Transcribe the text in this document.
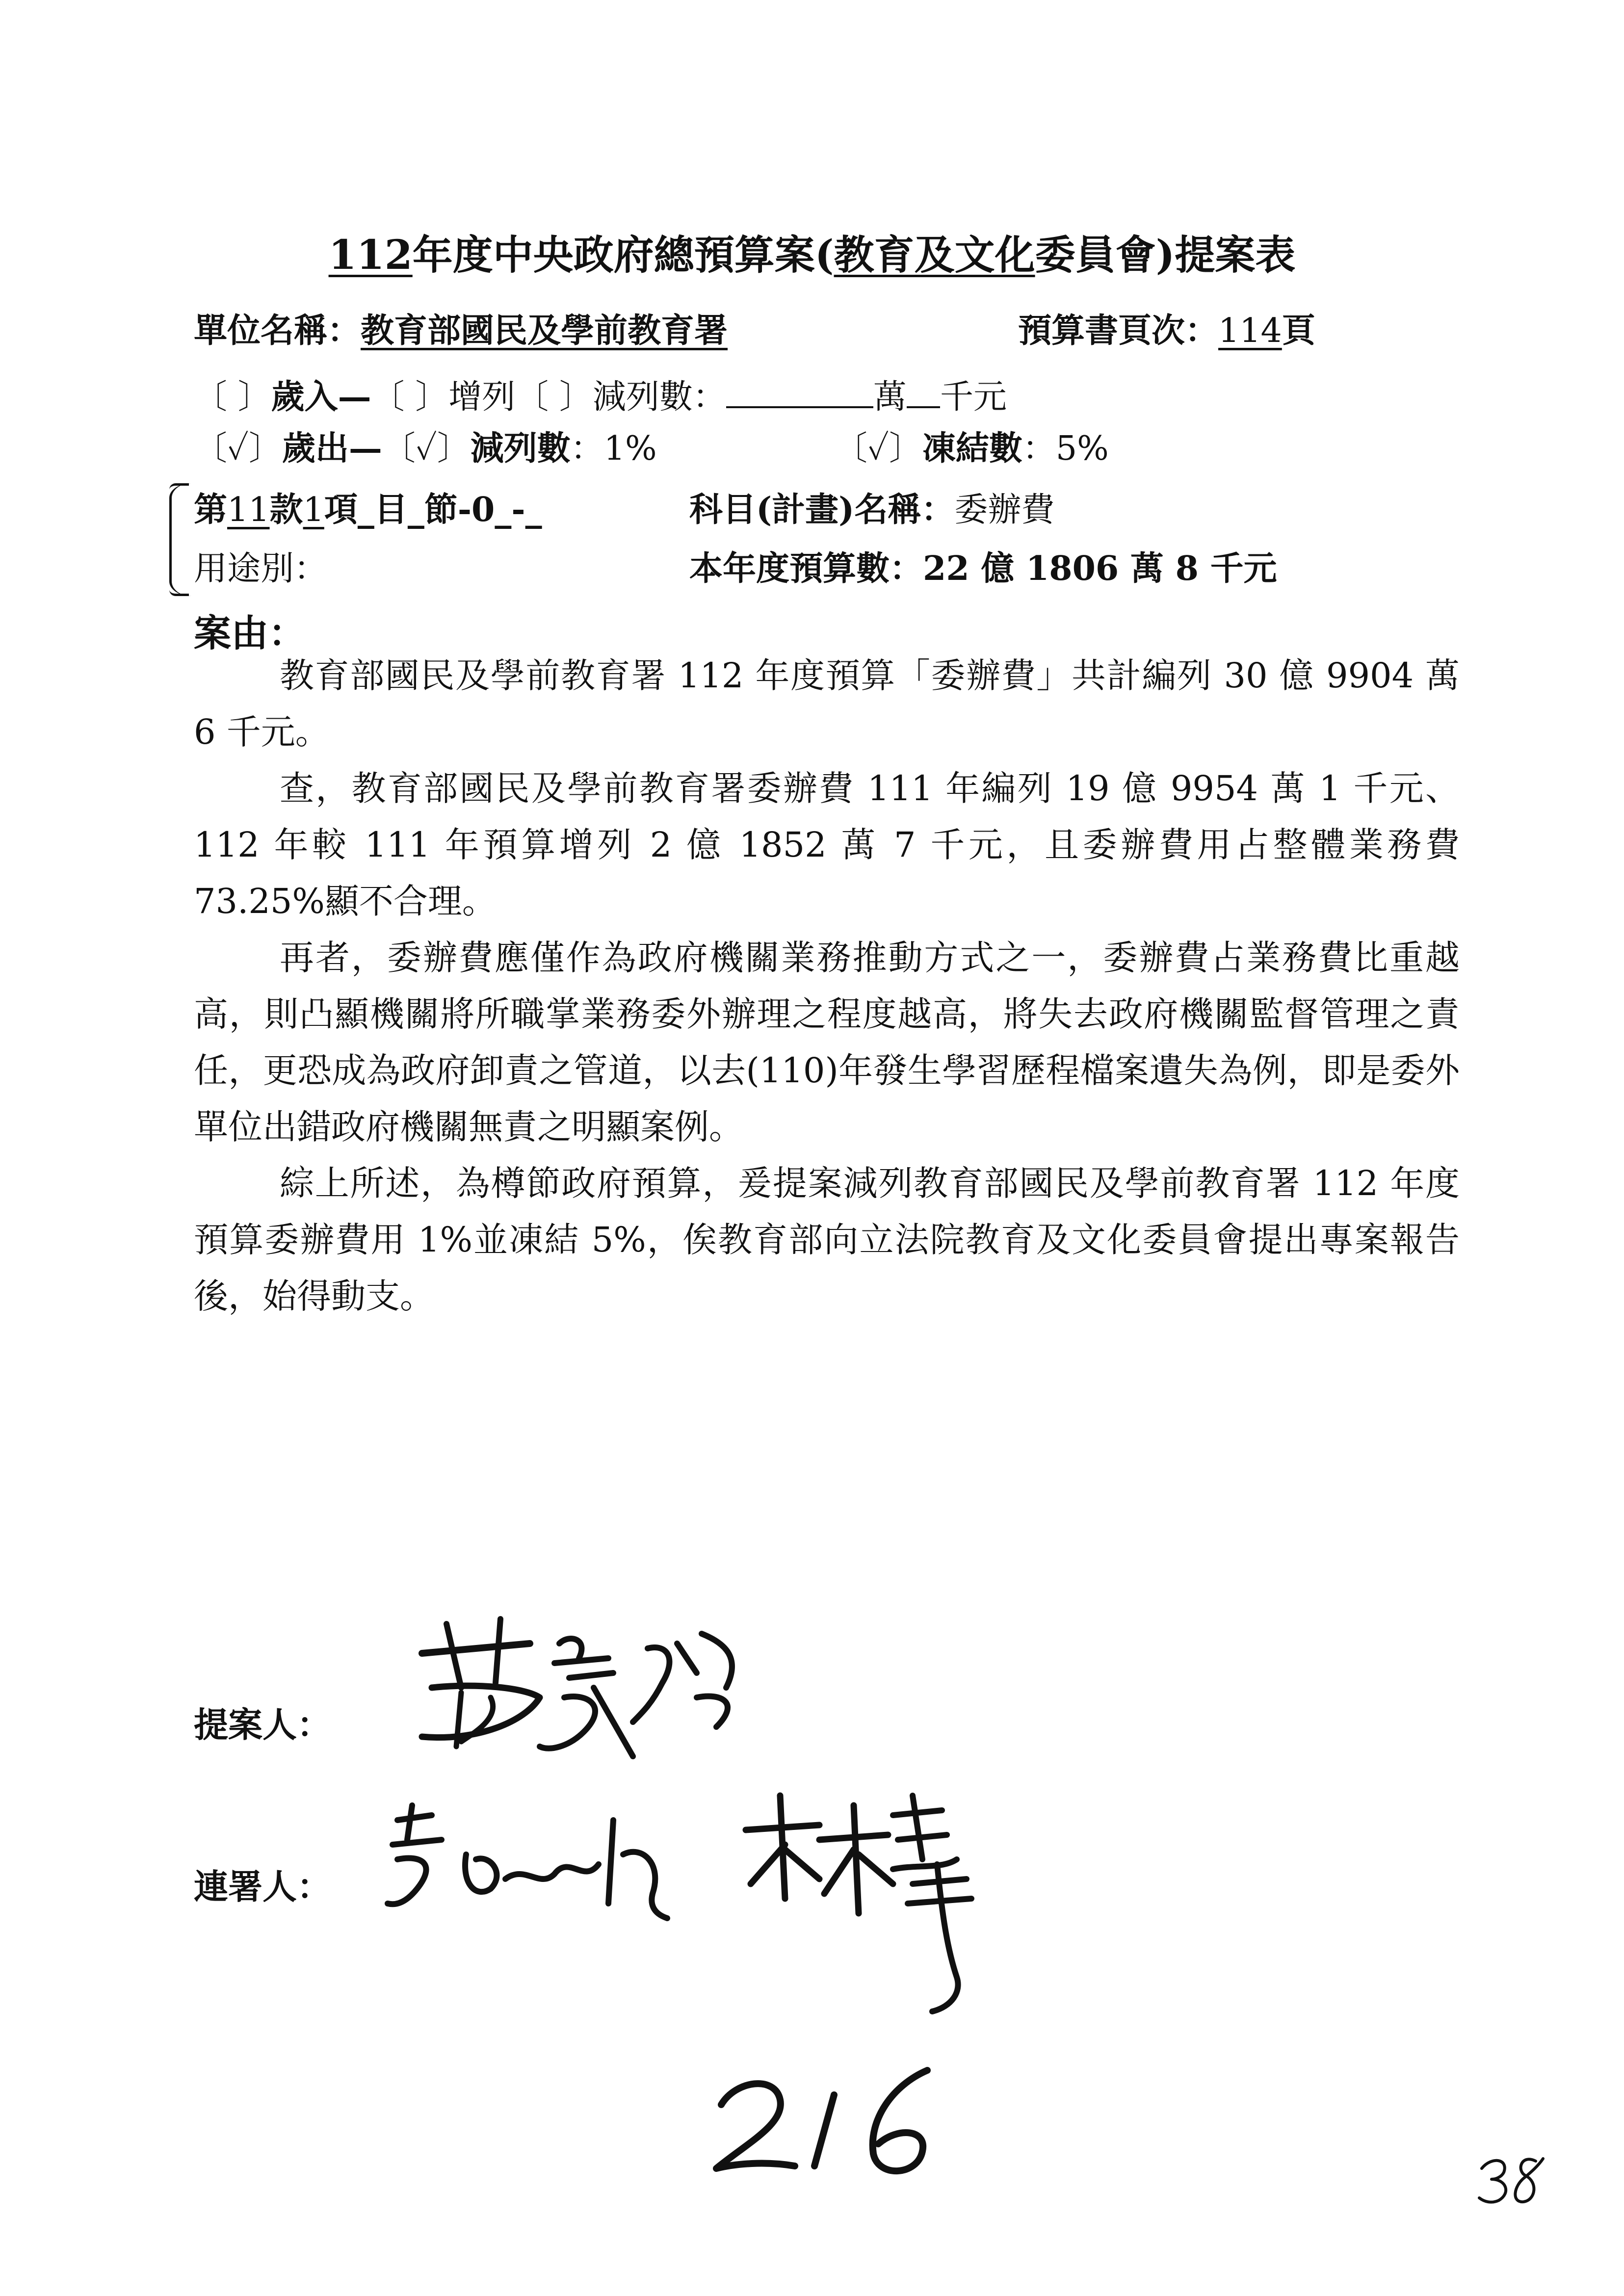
112年度中央政府總預算案(教育及文化委員會)提案表
單位名稱：教育部國民及學前教育署	預算書頁次：114頁
〔 〕歲入—〔 〕增列〔 〕減列數：	萬 千元
〔✓〕歲出—〔✓〕減列數：1%	〔✓〕凍結數：5%
第11款1項_目_節-0_-_	科目(計畫)名稱：委辦費
用途別：	本年度預算數：22 億 1806 萬 8 千元
案由：

教育部國民及學前教育署 112 年度預算「委辦費」共計編列 30 億 9904 萬 6 千元。

查，教育部國民及學前教育署委辦費 111 年編列 19 億 9954 萬 1 千元、112 年較 111 年預算增列 2 億 1852 萬 7 千元，且委辦費用占整體業務費 73.25%顯不合理。

再者，委辦費應僅作為政府機關業務推動方式之一，委辦費占業務費比重越高，則凸顯機關將所職掌業務委外辦理之程度越高，將失去政府機關監督管理之責任，更恐成為政府卸責之管道，以去(110)年發生學習歷程檔案遺失為例，即是委外單位出錯政府機關無責之明顯案例。

綜上所述，為樽節政府預算，爰提案減列教育部國民及學前教育署 112 年度預算委辦費用 1%並凍結 5%，俟教育部向立法院教育及文化委員會提出專案報告後，始得動支。

提案人：
連署人：
